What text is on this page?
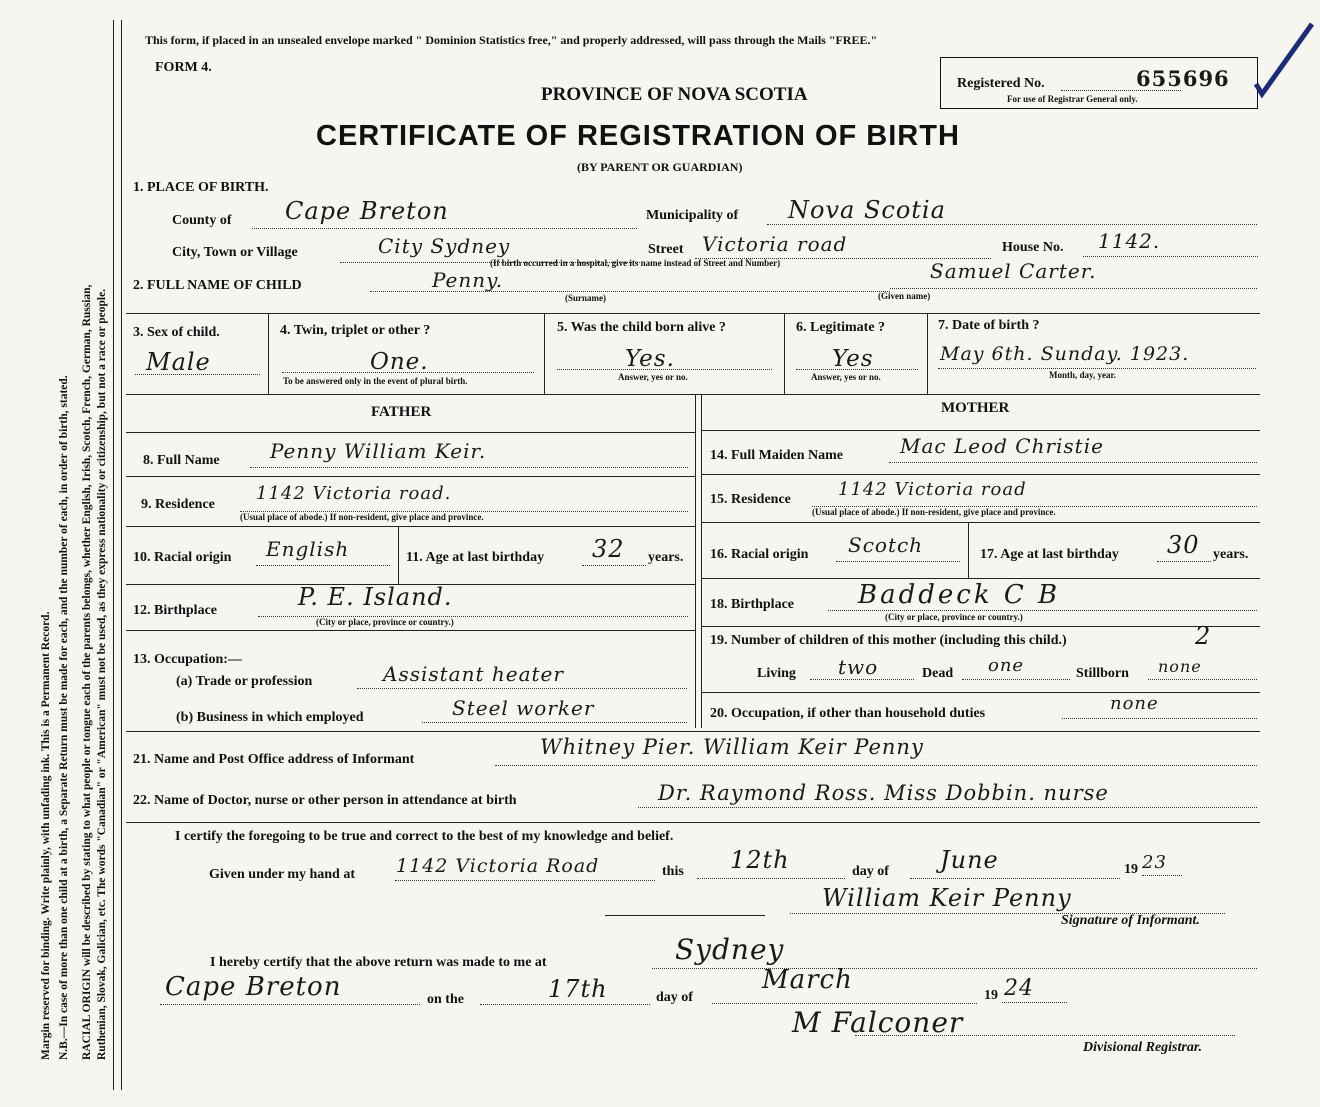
Margin reserved for binding. Write plainly, with unfading ink. This is a Permanent Record. N.B.—In case of more than one child at a birth, a Separate Return must be made for each, and the number of each, in order of birth, stated. RACIAL ORIGIN will be described by stating to what people or tongue each of the parents belongs, whether English, Irish, Scotch, French, German, Russian, Ruthenian, Slovak, Galician, etc. The words "Canadian" or "American" must not be used, as they express nationality or citizenship, but not a race or people.
This form, if placed in an unsealed envelope marked " Dominion Statistics free," and properly addressed, will pass through the Mails "FREE."
FORM 4.
PROVINCE OF NOVA SCOTIA
CERTIFICATE OF REGISTRATION OF BIRTH
(BY PARENT OR GUARDIAN)
Registered No.
For use of Registrar General only.
655696
1. PLACE OF BIRTH.
County of Cape Breton	Municipality of Nova Scotia
City, Town or Village	City Sydney	Street Victoria road	House No. 1142.
(If birth occurred in a hospital, give its name instead of Street and Number)
2. FULL NAME OF CHILD	Penny.
(Surname)
Samuel Carter.
(Given name)
3. Sex of child.
Male
4. Twin, triplet or other ?
One.
To be answered only in the event of plural birth.
5. Was the child born alive ?
Yes.
Answer, yes or no.
6. Legitimate ?
Yes
Answer, yes or no.
7. Date of birth ?
May 6th. Sunday. 1923.
Month, day, year.
FATHER
8. Full Name	Penny William Keir.
9. Residence
1142 Victoria road.
(Usual place of abode.) If non-resident, give place and province.
10. Racial origin English	11. Age at last birthday 32 years.
12. Birthplace	P. E. Island.
(City or place, province or country.)
13. Occupation:—
(a) Trade or profession	Assistant heater
(b) Business in which employed	Steel worker
MOTHER
14. Full Maiden Name	Mac Leod Christie
15. Residence	1142 Victoria road
(Usual place of abode.) If non-resident, give place and province.
16. Racial origin Scotch	17. Age at last birthday 30 years.
18. Birthplace Baddeck C B
(City or place, province or country.)
19. Number of children of this mother (including this child.)	2
Living two	Dead one	Stillborn none
20. Occupation, if other than household duties	none
21. Name and Post Office address of Informant
Whitney Pier. William Keir Penny
22. Name of Doctor, nurse or other person in attendance at birth	Dr. Raymond Ross. Miss Dobbin. nurse
I certify the foregoing to be true and correct to the best of my knowledge and belief.
Given under my hand at 1142 Victoria Road	this 12th	day of June	19 23
William Keir Penny
Signature of Informant.
I hereby certify that the above return was made to me at	Sydney
Cape Breton	on the	17th	day of
March
19 24
M Falconer
Divisional Registrar.
